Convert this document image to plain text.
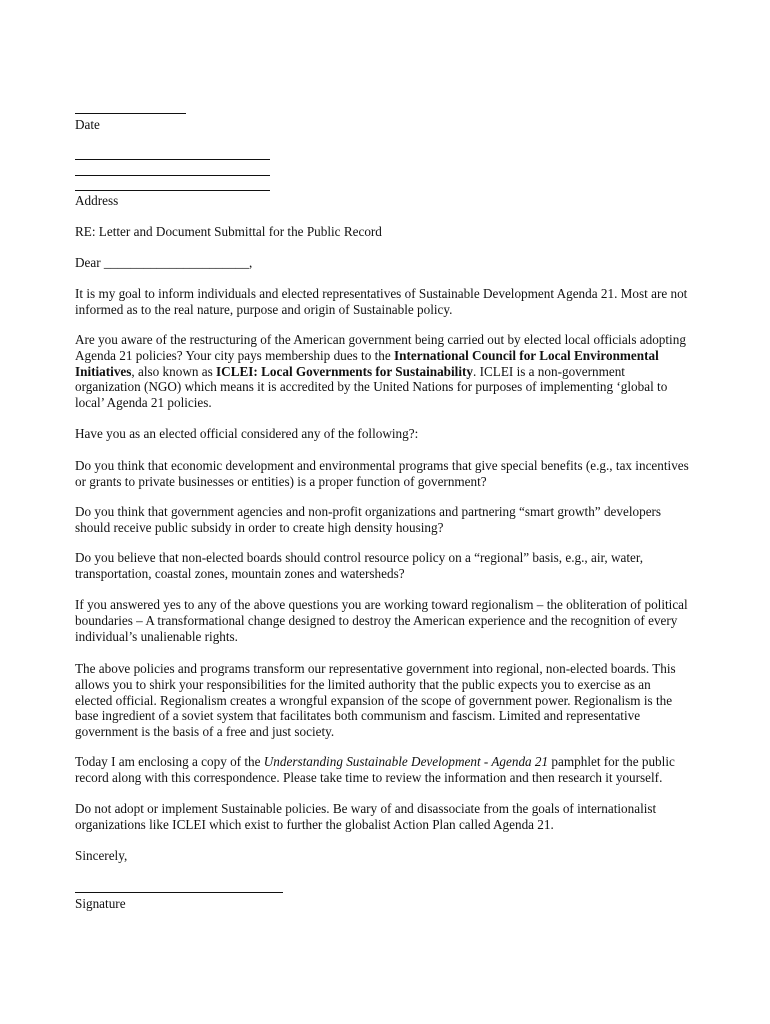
Date
Address
RE: Letter and Document Submittal for the Public Record
Dear ______________________,

It is my goal to inform individuals and elected representatives of Sustainable Development Agenda 21. Most are not informed as to the real nature, purpose and origin of Sustainable policy.

Are you aware of the restructuring of the American government being carried out by elected local officials adopting Agenda 21 policies? Your city pays membership dues to the International Council for Local Environmental Initiatives, also known as ICLEI: Local Governments for Sustainability. ICLEI is a non-government organization (NGO) which means it is accredited by the United Nations for purposes of implementing ‘global to local’ Agenda 21 policies.

Have you as an elected official considered any of the following?:

Do you think that economic development and environmental programs that give special benefits (e.g., tax incentives or grants to private businesses or entities) is a proper function of government?

Do you think that government agencies and non-profit organizations and partnering “smart growth” developers should receive public subsidy in order to create high density housing?

Do you believe that non-elected boards should control resource policy on a “regional” basis, e.g., air, water, transportation, coastal zones, mountain zones and watersheds?

If you answered yes to any of the above questions you are working toward regionalism – the obliteration of political boundaries – A transformational change designed to destroy the American experience and the recognition of every individual’s unalienable rights.

The above policies and programs transform our representative government into regional, non-elected boards. This allows you to shirk your responsibilities for the limited authority that the public expects you to exercise as an elected official. Regionalism creates a wrongful expansion of the scope of government power. Regionalism is the base ingredient of a soviet system that facilitates both communism and fascism. Limited and representative government is the basis of a free and just society.

Today I am enclosing a copy of the Understanding Sustainable Development - Agenda 21 pamphlet for the public record along with this correspondence. Please take time to review the information and then research it yourself.

Do not adopt or implement Sustainable policies. Be wary of and disassociate from the goals of internationalist organizations like ICLEI which exist to further the globalist Action Plan called Agenda 21.

Sincerely,
Signature
